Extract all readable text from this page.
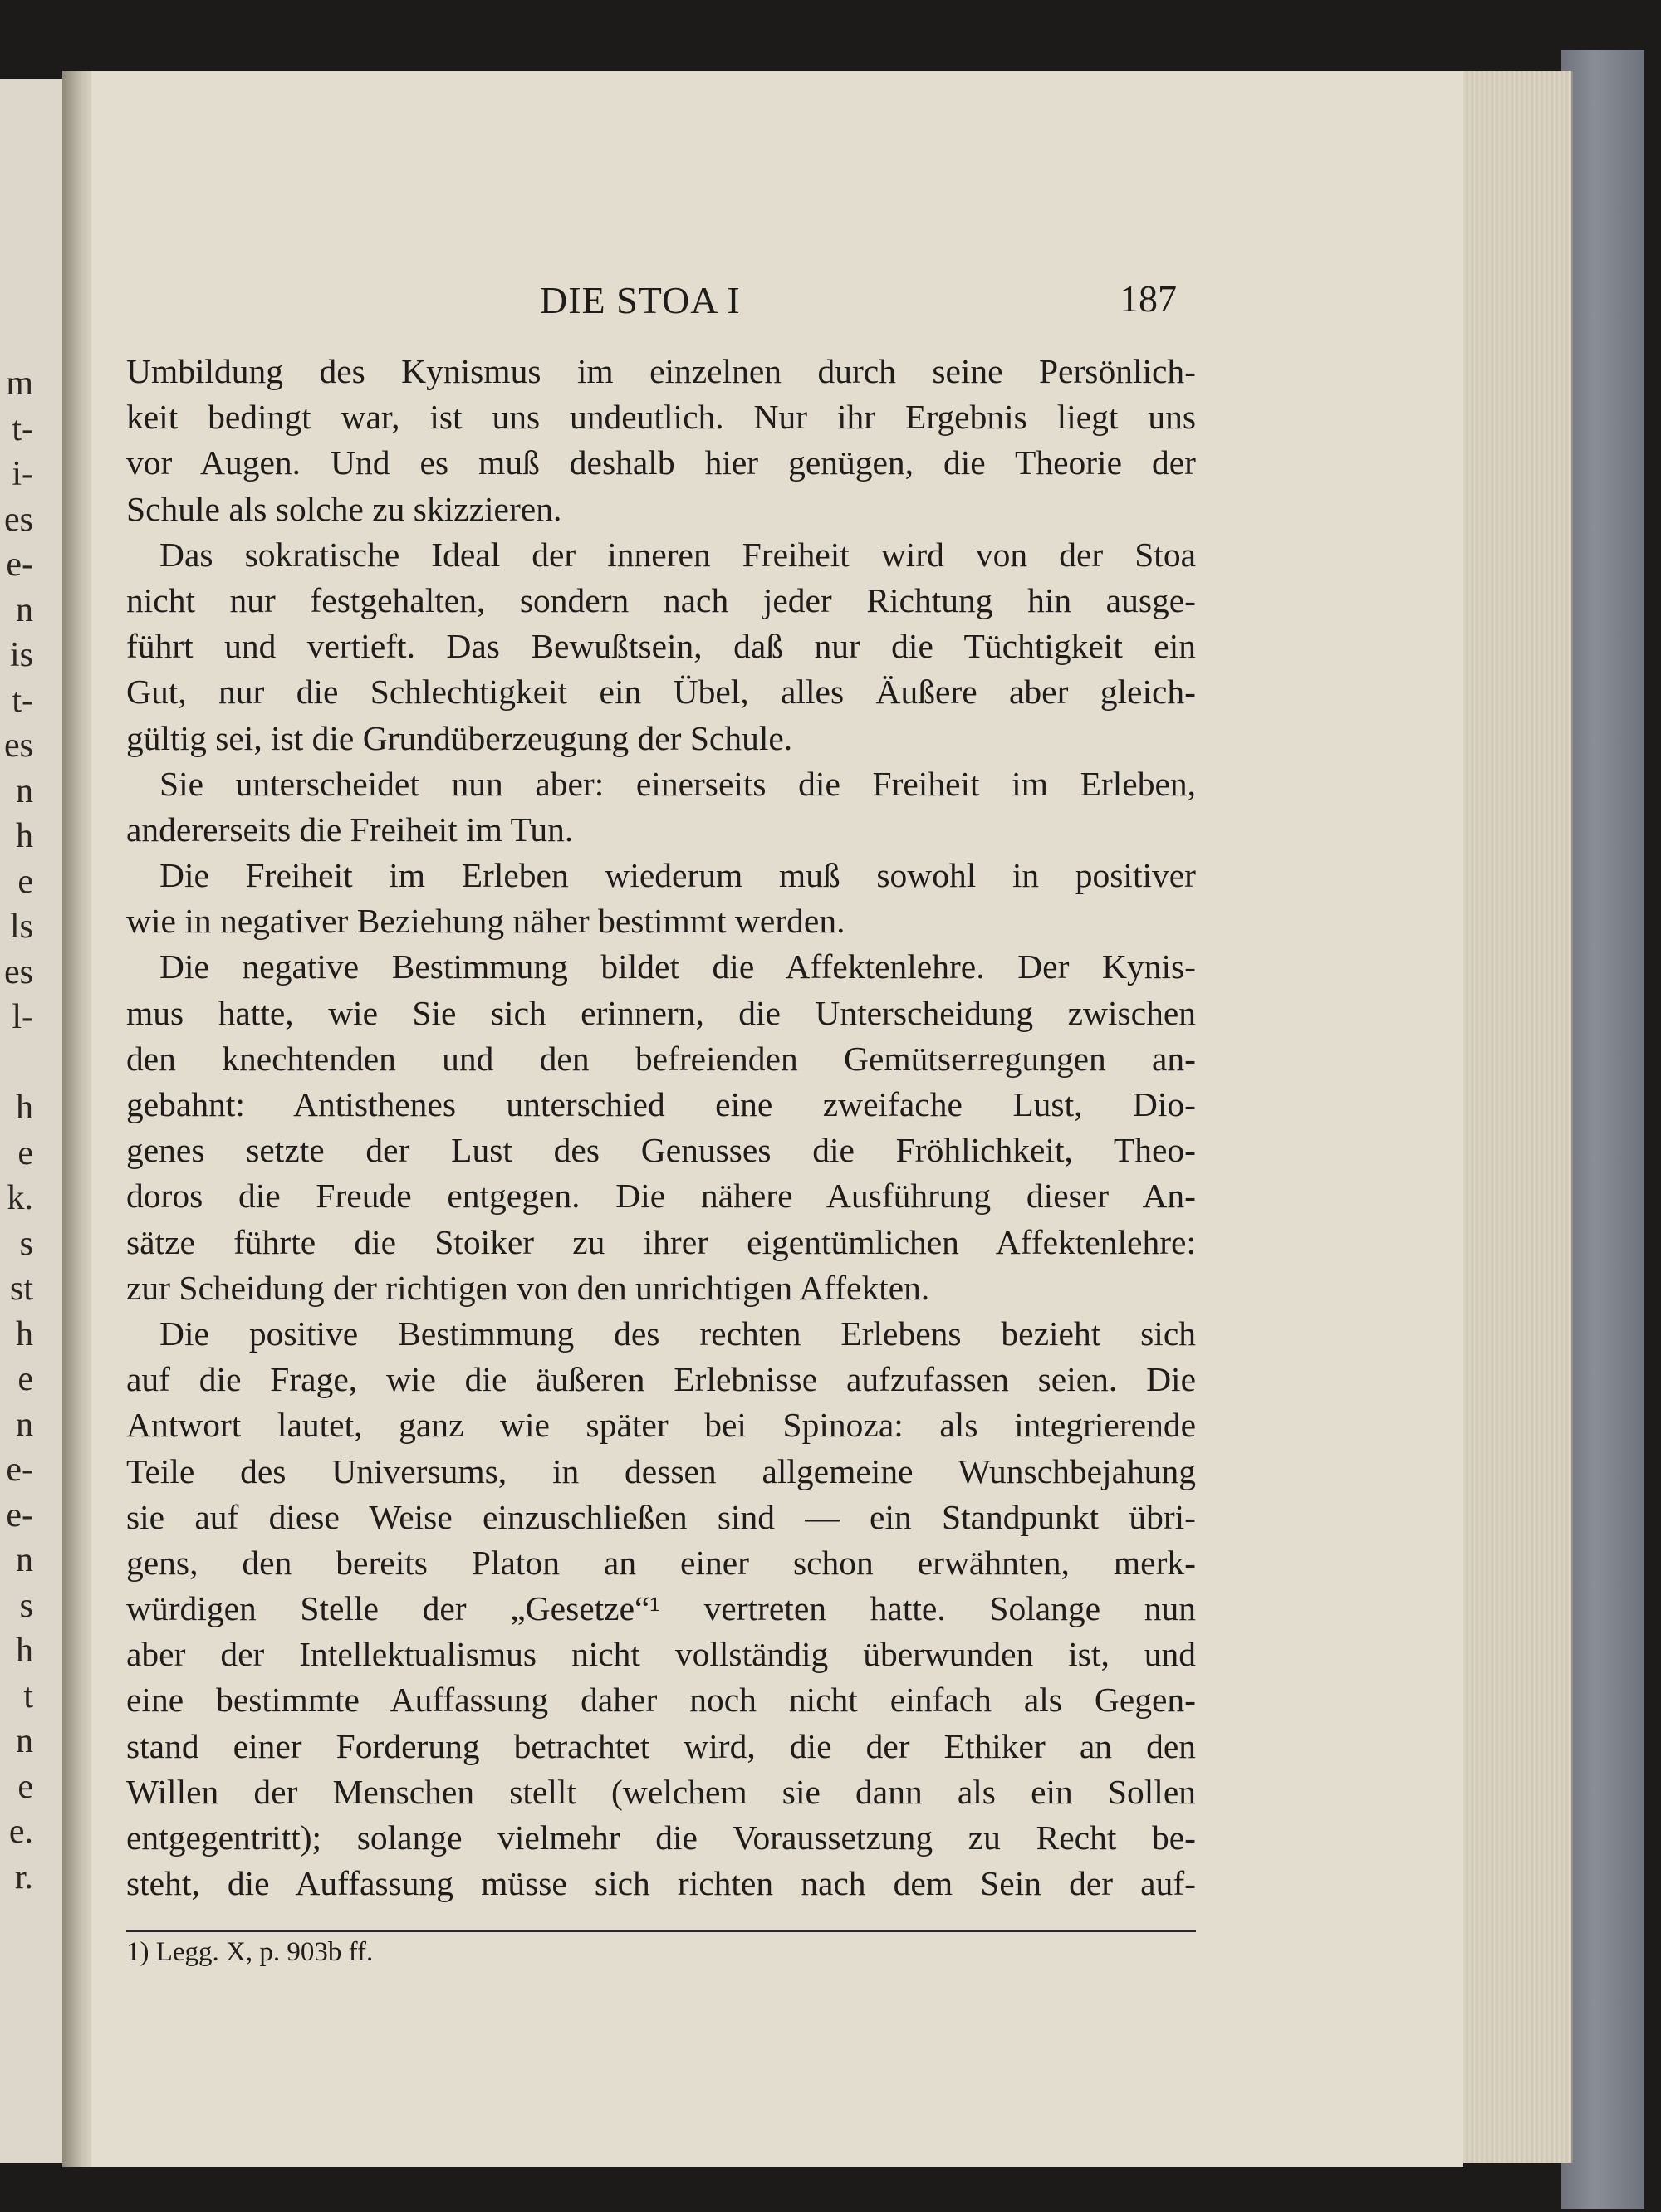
m
t-
i-
es
e-
n
is
t-
es
n
h
e
ls
es
l-
h
e
k.
s
st
h
e
n
e-
e-
n
s
h
t
n
e
e.
r.
DIE STOA I	187
Umbildung des Kynismus im einzelnen durch seine Persönlich-
keit bedingt war, ist uns undeutlich. Nur ihr Ergebnis liegt uns
vor Augen. Und es muß deshalb hier genügen, die Theorie der
Schule als solche zu skizzieren.
Das sokratische Ideal der inneren Freiheit wird von der Stoa
nicht nur festgehalten, sondern nach jeder Richtung hin ausge-
führt und vertieft. Das Bewußtsein, daß nur die Tüchtigkeit ein
Gut, nur die Schlechtigkeit ein Übel, alles Äußere aber gleich-
gültig sei, ist die Grundüberzeugung der Schule.
Sie unterscheidet nun aber: einerseits die Freiheit im Erleben,
andererseits die Freiheit im Tun.
Die Freiheit im Erleben wiederum muß sowohl in positiver
wie in negativer Beziehung näher bestimmt werden.
Die negative Bestimmung bildet die Affektenlehre. Der Kynis-
mus hatte, wie Sie sich erinnern, die Unterscheidung zwischen
den knechtenden und den befreienden Gemütserregungen an-
gebahnt: Antisthenes unterschied eine zweifache Lust, Dio-
genes setzte der Lust des Genusses die Fröhlichkeit, Theo-
doros die Freude entgegen. Die nähere Ausführung dieser An-
sätze führte die Stoiker zu ihrer eigentümlichen Affektenlehre:
zur Scheidung der richtigen von den unrichtigen Affekten.
Die positive Bestimmung des rechten Erlebens bezieht sich
auf die Frage, wie die äußeren Erlebnisse aufzufassen seien. Die
Antwort lautet, ganz wie später bei Spinoza: als integrierende
Teile des Universums, in dessen allgemeine Wunschbejahung
sie auf diese Weise einzuschließen sind — ein Standpunkt übri-
gens, den bereits Platon an einer schon erwähnten, merk-
würdigen Stelle der „Gesetze“¹ vertreten hatte. Solange nun
aber der Intellektualismus nicht vollständig überwunden ist, und
eine bestimmte Auffassung daher noch nicht einfach als Gegen-
stand einer Forderung betrachtet wird, die der Ethiker an den
Willen der Menschen stellt (welchem sie dann als ein Sollen
entgegentritt); solange vielmehr die Voraussetzung zu Recht be-
steht, die Auffassung müsse sich richten nach dem Sein der auf-
1) Legg. X, p. 903b ff.
